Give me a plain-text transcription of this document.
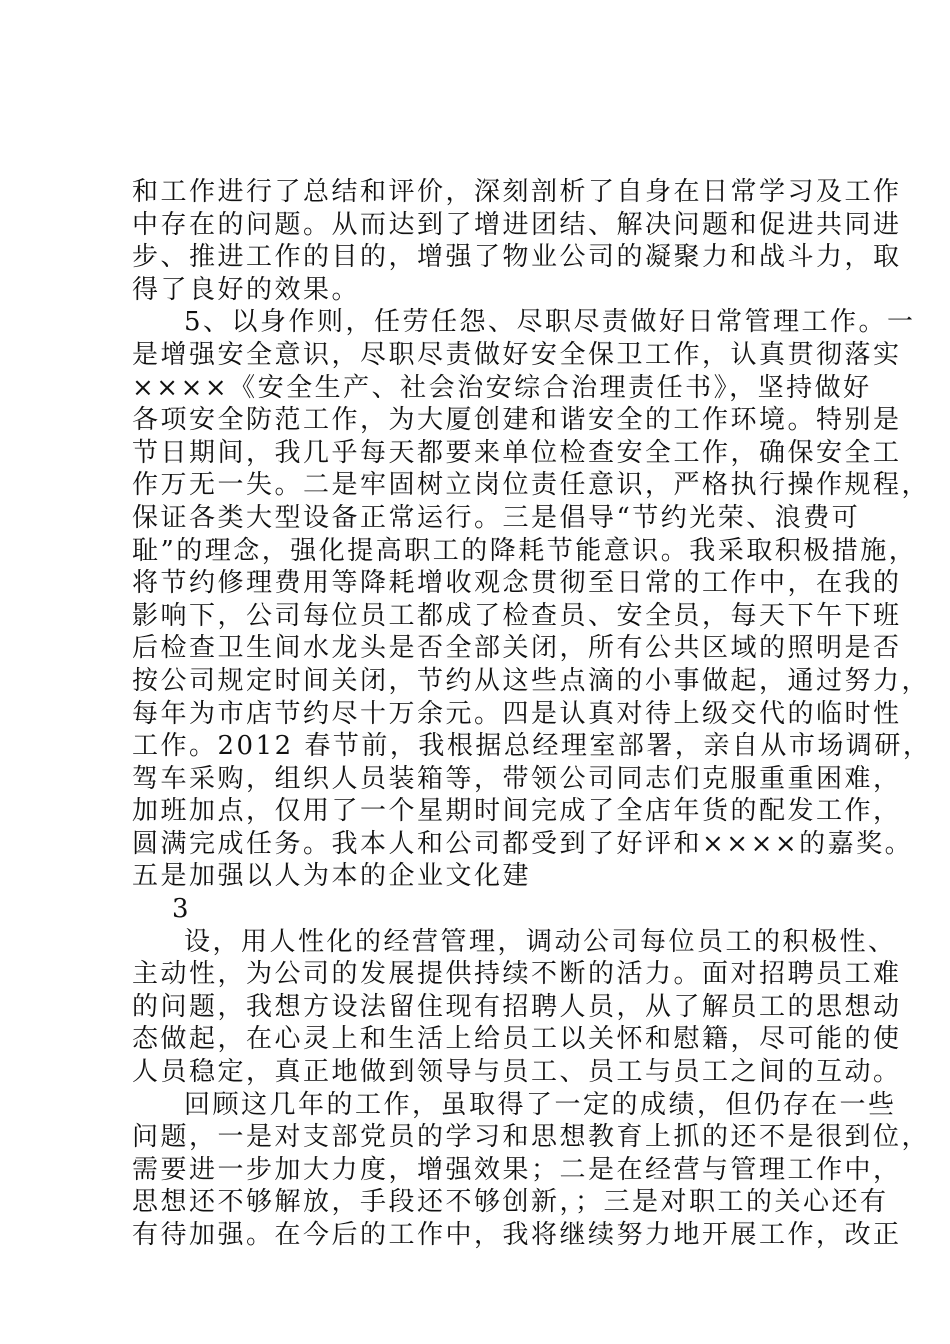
和工作进行了总结和评价，深刻剖析了自身在日常学习及工作
中存在的问题。从而达到了增进团结、解决问题和促进共同进
步、推进工作的目的，增强了物业公司的凝聚力和战斗力，取
得了良好的效果。
5、以身作则，任劳任怨、尽职尽责做好日常管理工作。一
是增强安全意识，尽职尽责做好安全保卫工作，认真贯彻落实
××××《安全生产、社会治安综合治理责任书》，坚持做好
各项安全防范工作，为大厦创建和谐安全的工作环境。特别是
节日期间，我几乎每天都要来单位检查安全工作，确保安全工
作万无一失。二是牢固树立岗位责任意识，严格执行操作规程，
保证各类大型设备正常运行。三是倡导“节约光荣、浪费可
耻”的理念，强化提高职工的降耗节能意识。我采取积极措施，
将节约修理费用等降耗增收观念贯彻至日常的工作中，在我的
影响下，公司每位员工都成了检查员、安全员，每天下午下班
后检查卫生间水龙头是否全部关闭，所有公共区域的照明是否
按公司规定时间关闭，节约从这些点滴的小事做起，通过努力，
每年为市店节约尽十万余元。四是认真对待上级交代的临时性
工作。2012 春节前，我根据总经理室部署，亲自从市场调研，
驾车采购，组织人员装箱等，带领公司同志们克服重重困难，
加班加点，仅用了一个星期时间完成了全店年货的配发工作，
圆满完成任务。我本人和公司都受到了好评和××××的嘉奖。
五是加强以人为本的企业文化建
3
设，用人性化的经营管理，调动公司每位员工的积极性、
主动性，为公司的发展提供持续不断的活力。面对招聘员工难
的问题，我想方设法留住现有招聘人员，从了解员工的思想动
态做起，在心灵上和生活上给员工以关怀和慰籍，尽可能的使
人员稳定，真正地做到领导与员工、员工与员工之间的互动。
回顾这几年的工作，虽取得了一定的成绩，但仍存在一些
问题，一是对支部党员的学习和思想教育上抓的还不是很到位，
需要进一步加大力度，增强效果；二是在经营与管理工作中，
思想还不够解放，手段还不够创新，；三是对职工的关心还有
有待加强。在今后的工作中，我将继续努力地开展工作，改正
